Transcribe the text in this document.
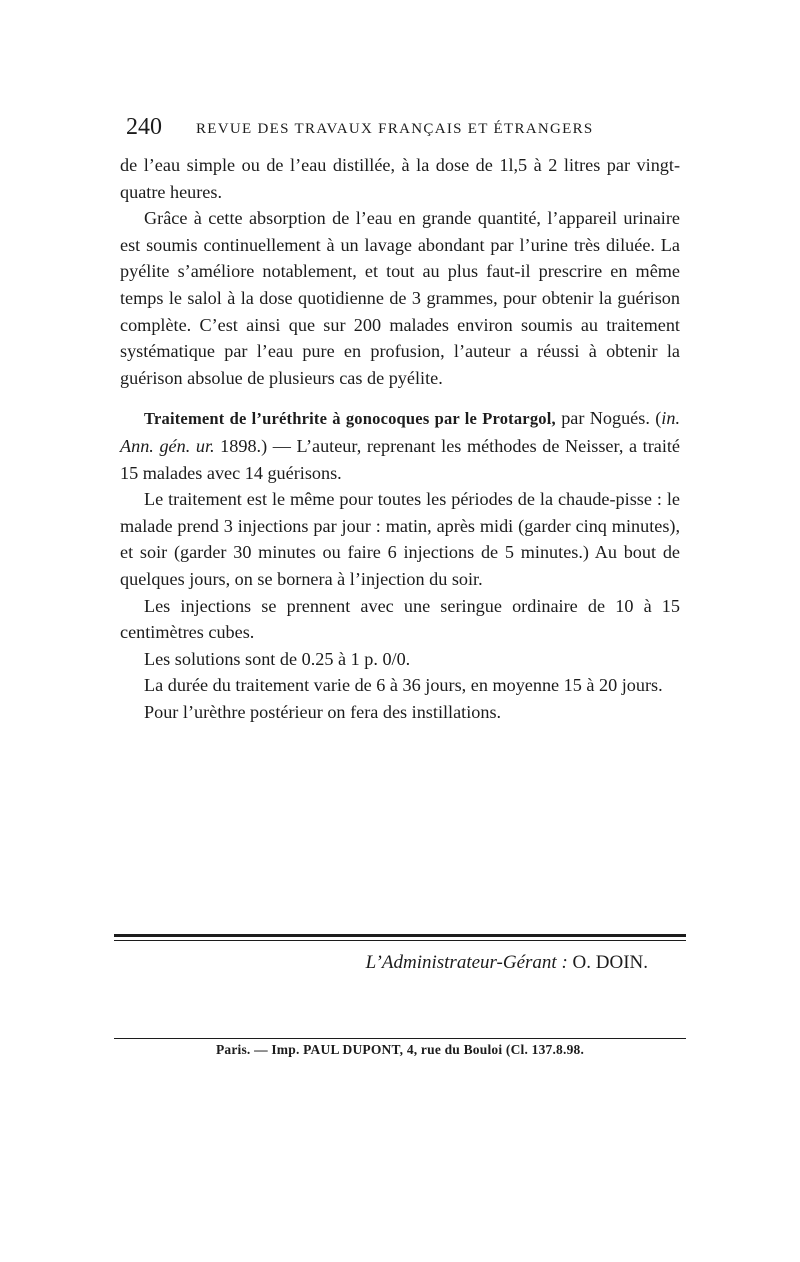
240 REVUE DES TRAVAUX FRANÇAIS ET ÉTRANGERS

de l’eau simple ou de l’eau distillée, à la dose de 1l,5 à 2 litres par vingt-quatre heures.

Grâce à cette absorption de l’eau en grande quantité, l’appareil urinaire est soumis continuellement à un lavage abondant par l’urine très diluée. La pyélite s’améliore notablement, et tout au plus faut-il prescrire en même temps le salol à la dose quotidienne de 3 grammes, pour obtenir la guérison complète. C’est ainsi que sur 200 malades environ soumis au traitement systématique par l’eau pure en profusion, l’auteur a réussi à obtenir la guérison absolue de plusieurs cas de pyélite.

Traitement de l’uréthrite à gonocoques par le Protargol, par Nogués. (in. Ann. gén. ur. 1898.) — L’auteur, reprenant les méthodes de Neisser, a traité 15 malades avec 14 guérisons.

Le traitement est le même pour toutes les périodes de la chaude-pisse : le malade prend 3 injections par jour : matin, après midi (garder cinq minutes), et soir (garder 30 minutes ou faire 6 injections de 5 minutes.) Au bout de quelques jours, on se bornera à l’injection du soir.

Les injections se prennent avec une seringue ordinaire de 10 à 15 centimètres cubes.

Les solutions sont de 0.25 à 1 p. 0/0.

La durée du traitement varie de 6 à 36 jours, en moyenne 15 à 20 jours.

Pour l’urèthre postérieur on fera des instillations.

L’Administrateur-Gérant : O. DOIN.
Paris. — Imp. PAUL DUPONT, 4, rue du Bouloi (Cl. 137.8.98.
